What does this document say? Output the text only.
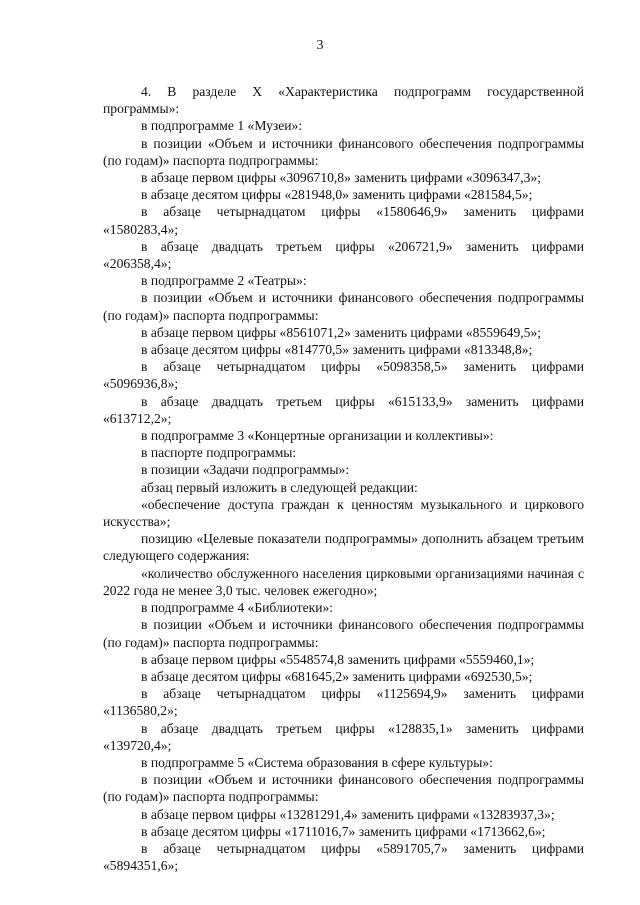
3

4. В разделе X «Характеристика подпрограмм государственной программы»:

в подпрограмме 1 «Музеи»:

в позиции «Объем и источники финансового обеспечения подпрограммы (по годам)» паспорта подпрограммы:

в абзаце первом цифры «3096710,8» заменить цифрами «3096347,3»;

в абзаце десятом цифры «281948,0» заменить цифрами «281584,5»;

в абзаце четырнадцатом цифры «1580646,9» заменить цифрами «1580283,4»;

в абзаце двадцать третьем цифры «206721,9» заменить цифрами «206358,4»;

в подпрограмме 2 «Театры»:

в позиции «Объем и источники финансового обеспечения подпрограммы (по годам)» паспорта подпрограммы:

в абзаце первом цифры «8561071,2» заменить цифрами «8559649,5»;

в абзаце десятом цифры «814770,5» заменить цифрами «813348,8»;

в абзаце четырнадцатом цифры «5098358,5» заменить цифрами «5096936,8»;

в абзаце двадцать третьем цифры «615133,9» заменить цифрами «613712,2»;

в подпрограмме 3 «Концертные организации и коллективы»:

в паспорте подпрограммы:

в позиции «Задачи подпрограммы»:

абзац первый изложить в следующей редакции:

«обеспечение доступа граждан к ценностям музыкального и циркового искусства»;

позицию «Целевые показатели подпрограммы» дополнить абзацем третьим следующего содержания:

«количество обслуженного населения цирковыми организациями начиная с 2022 года не менее 3,0 тыс. человек ежегодно»;

в подпрограмме 4 «Библиотеки»:

в позиции «Объем и источники финансового обеспечения подпрограммы (по годам)» паспорта подпрограммы:

в абзаце первом цифры «5548574,8 заменить цифрами «5559460,1»;

в абзаце десятом цифры «681645,2» заменить цифрами «692530,5»;

в абзаце четырнадцатом цифры «1125694,9» заменить цифрами «1136580,2»;

в абзаце двадцать третьем цифры «128835,1» заменить цифрами «139720,4»;

в подпрограмме 5 «Система образования в сфере культуры»:

в позиции «Объем и источники финансового обеспечения подпрограммы (по годам)» паспорта подпрограммы:

в абзаце первом цифры «13281291,4» заменить цифрами «13283937,3»;

в абзаце десятом цифры «1711016,7» заменить цифрами «1713662,6»;

в абзаце четырнадцатом цифры «5891705,7» заменить цифрами «5894351,6»;
